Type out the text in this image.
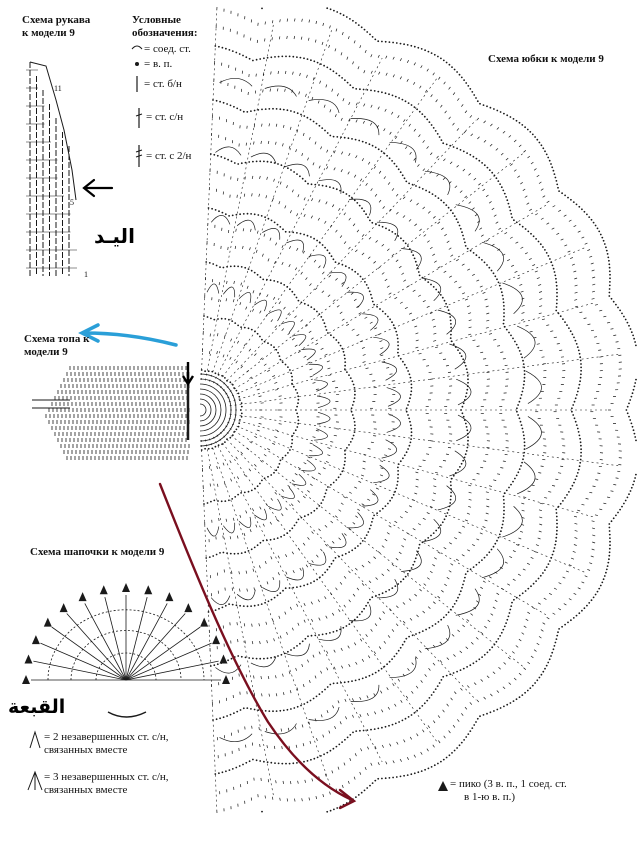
Схема рукава
к модели 9
Условные
обозначения:
= соед. ст.
= в. п.
= ст. б/н
= ст. с/н
= ст. с 2/н
11
5
1
اليـد
Схема юбки к модели 9
Схема топа к
модели 9
Схема шапочки к модели 9
القبعة
= 2 незавершенных ст. с/н,
связанных вместе
= 3 незавершенных ст. с/н,
связанных вместе	= пико (3 в. п., 1 соед. ст.
в 1-ю в. п.)
